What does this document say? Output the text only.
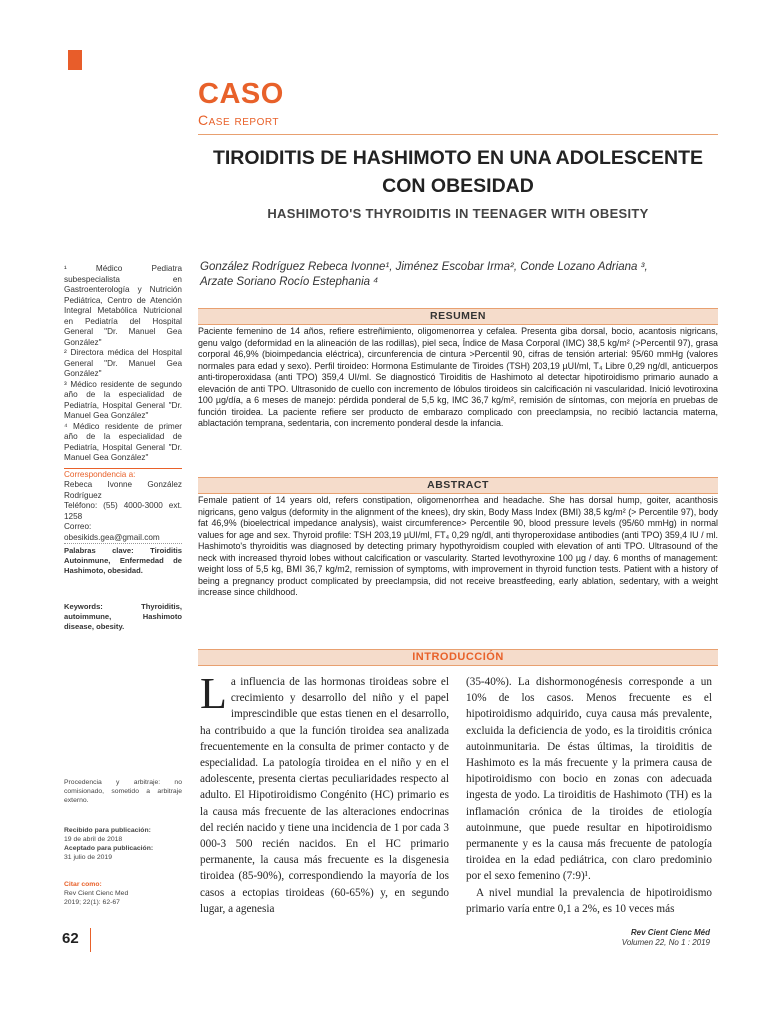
CASO
Case report
TIROIDITIS DE HASHIMOTO EN UNA ADOLESCENTE CON OBESIDAD
HASHIMOTO'S THYROIDITIS IN TEENAGER WITH OBESITY
González Rodríguez Rebeca Ivonne¹, Jiménez Escobar Irma², Conde Lozano Adriana ³,
Arzate Soriano Rocío Estephania ⁴

¹ Médico Pediatra subespecialista en Gastroenterología y Nutrición Pediátrica, Centro de Atención Integral Metabólica Nutricional en Pediatría del Hospital General "Dr. Manuel Gea González"

² Directora médica del Hospital General "Dr. Manuel Gea González"

³ Médico residente de segundo año de la especialidad de Pediatría, Hospital General "Dr. Manuel Gea González"

⁴ Médico residente de primer año de la especialidad de Pediatría, Hospital General "Dr. Manuel Gea González"

Correspondencia a:

Rebeca Ivonne González Rodríguez

Teléfono: (55) 4000-3000 ext. 1258

Correo: obesikids.gea@gmail.com

Palabras clave: Tiroiditis Autoinmune, Enfermedad de Hashimoto, obesidad.
Keywords:	Thyroiditis, autoimmune, Hashimoto disease, obesity.
Procedencia y arbitraje: no comisionado, sometido a arbitraje externo.
Recibido para publicación:
19 de abril de 2018
Aceptado para publicación:
31 julio de 2019
Citar como:
Rev Cient Cienc Med
2019; 22(1): 62-67
RESUMEN
Paciente femenino de 14 años, refiere estreñimiento, oligomenorrea y cefalea. Presenta giba dorsal, bocio, acantosis nigricans, genu valgo (deformidad en la alineación de las rodillas), piel seca, Índice de Masa Corporal (IMC) 38,5 kg/m² (>Percentil 97), grasa corporal 46,9% (bioimpedancia eléctrica), circunferencia de cintura >Percentil 90, cifras de tensión arterial: 95/60 mmHg (valores normales para edad y sexo). Perfil tiroideo: Hormona Estimulante de Tiroides (TSH) 203,19 µUI/ml, T₄ Libre 0,29 ng/dl, anticuerpos anti-tiroperoxidasa (anti TPO) 359,4 UI/ml. Se diagnosticó Tiroiditis de Hashimoto al detectar hipotiroidismo primario aunado a elevación de anti TPO. Ultrasonido de cuello con incremento de lóbulos tiroideos sin calcificación ni vascularidad. Inició levotiroxina 100 µg/día, a 6 meses de manejo: pérdida ponderal de 5,5 kg, IMC 36,7 kg/m², remisión de síntomas, con mejoría en pruebas de función tiroidea. La paciente refiere ser producto de embarazo complicado con preeclampsia, no recibió lactancia materna, ablactación temprana, sedentaria, con incremento ponderal desde la infancia.
ABSTRACT
Female patient of 14 years old, refers constipation, oligomenorrhea and headache. She has dorsal hump, goiter, acanthosis nigricans, geno valgus (deformity in the alignment of the knees), dry skin, Body Mass Index (BMI) 38,5 kg/m² (> Percentile 97), body fat 46,9% (bioelectrical impedance analysis), waist circumference> Percentile 90, blood pressure levels (95/60 mmHg) in normal values for age and sex. Thyroid profile: TSH 203,19 µUI/ml, FT₄ 0,29 ng/dl, anti thyroperoxidase antibodies (anti TPO) 359,4 IU / ml. Hashimoto's thyroiditis was diagnosed by detecting primary hypothyroidism coupled with elevation of anti TPO. Ultrasound of the neck with increased thyroid lobes without calcification or vascularity. Started levothyroxine 100 µg / day. 6 months of management: weight loss of 5,5 kg, BMI 36,7 kg/m2, remission of symptoms, with improvement in thyroid function tests. Patient with a history of being a pregnancy product complicated by preeclampsia, did not receive breastfeeding, early ablation, sedentary, with a weight increase since childhood.
INTRODUCCIÓN

La influencia de las hormonas tiroideas sobre el crecimiento y desarrollo del niño y el papel imprescindible que estas tienen en el desarrollo, ha contribuido a que la función tiroidea sea analizada frecuentemente en la consulta de primer contacto y de especialidad. La patología tiroidea en el niño y en el adolescente, presenta ciertas peculiaridades respecto al adulto. El Hipotiroidismo Congénito (HC) primario es la causa más frecuente de las alteraciones endocrinas del recién nacido y tiene una incidencia de 1 por cada 3 000-3 500 recién nacidos. En el HC primario permanente, la causa más frecuente es la disgenesia tiroidea (85-90%), correspondiendo la mayoría de los casos a ectopias tiroideas (60-65%) y, en segundo lugar, a agenesia

(35-40%). La dishormonogénesis corresponde a un 10% de los casos. Menos frecuente es el hipotiroidismo adquirido, cuya causa más prevalente, excluida la deficiencia de yodo, es la tiroiditis crónica autoinmunitaria. De éstas últimas, la tiroiditis de Hashimoto es la más frecuente y la primera causa de hipotiroidismo con bocio en zonas con adecuada ingesta de yodo. La tiroiditis de Hashimoto (TH) es la inflamación crónica de la tiroides de etiología autoinmune, que puede resultar en hipotiroidismo permanente y es la causa más frecuente de patología tiroidea en la edad pediátrica, con claro predominio por el sexo femenino (7:9)¹.

A nivel mundial la prevalencia de hipotiroidismo primario varía entre 0,1 a 2%, es 10 veces más

62	Rev Cient Cienc Méd
Volumen 22, No 1 : 2019
